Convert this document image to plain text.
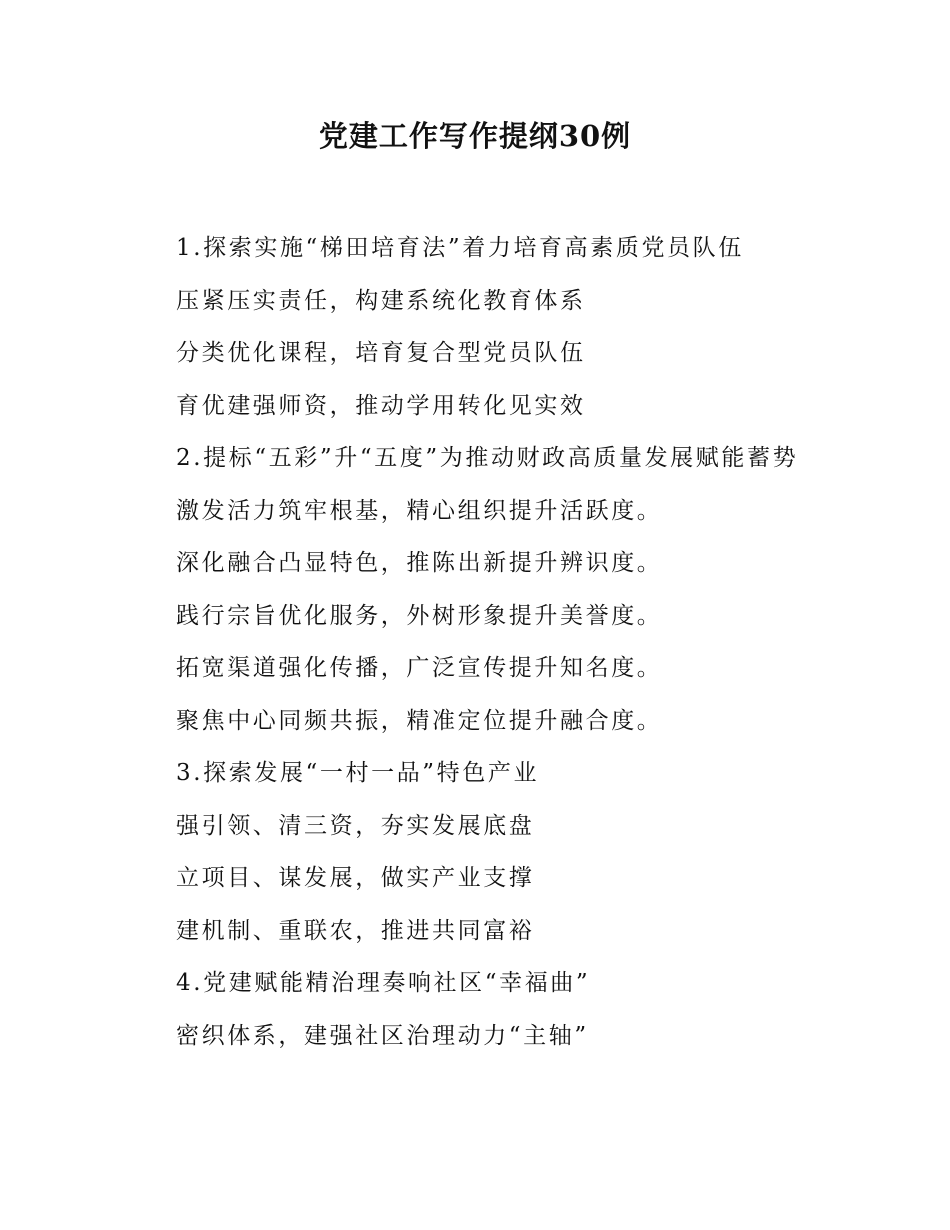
党建工作写作提纲30例

1.探索实施“梯田培育法”着力培育高素质党员队伍

压紧压实责任，构建系统化教育体系

分类优化课程，培育复合型党员队伍

育优建强师资，推动学用转化见实效

2.提标“五彩”升“五度”为推动财政高质量发展赋能蓄势

激发活力筑牢根基，精心组织提升活跃度。

深化融合凸显特色，推陈出新提升辨识度。

践行宗旨优化服务，外树形象提升美誉度。

拓宽渠道强化传播，广泛宣传提升知名度。

聚焦中心同频共振，精准定位提升融合度。

3.探索发展“一村一品”特色产业

强引领、清三资，夯实发展底盘

立项目、谋发展，做实产业支撑

建机制、重联农，推进共同富裕

4.党建赋能精治理奏响社区“幸福曲”

密织体系，建强社区治理动力“主轴”
